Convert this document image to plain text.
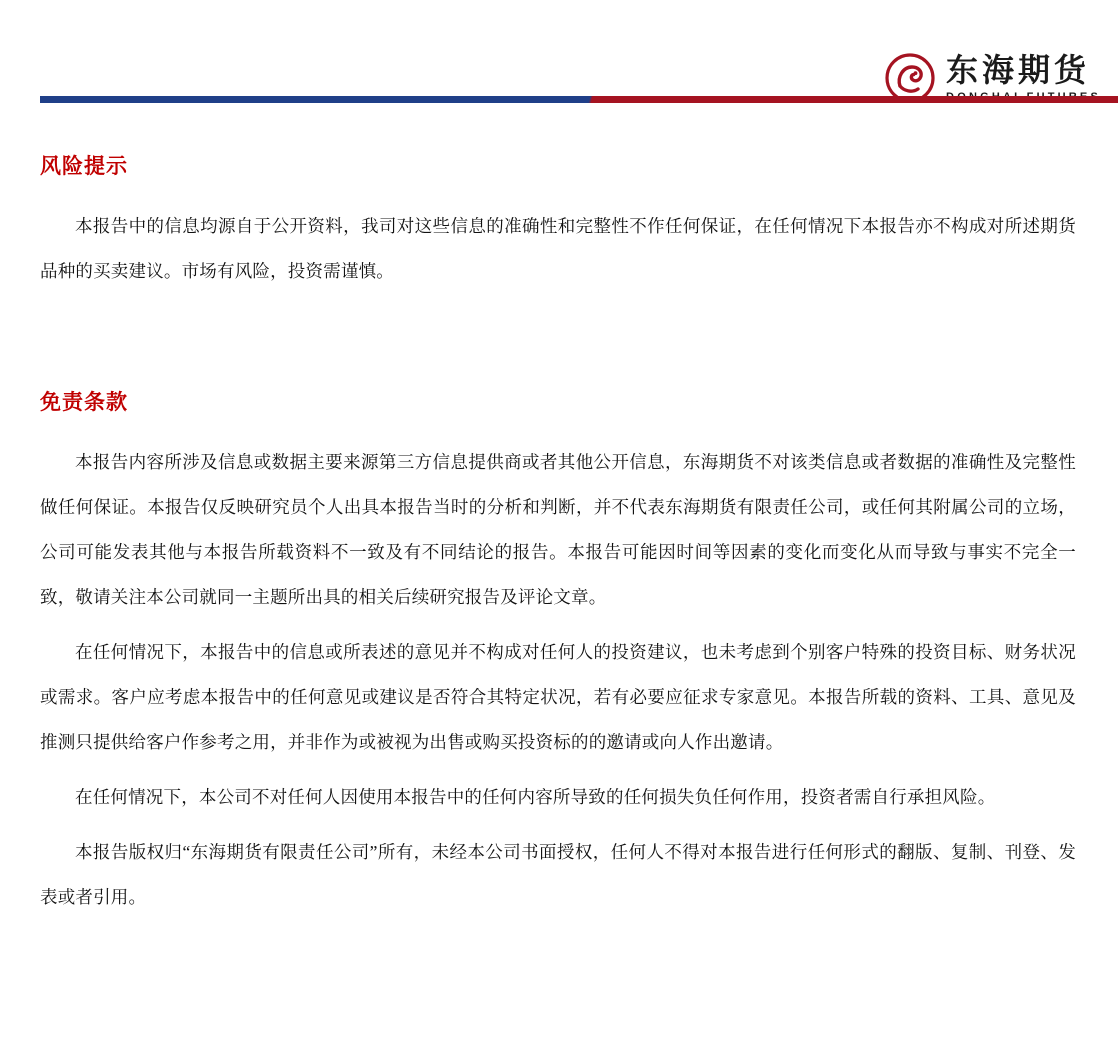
东海期货
风险提示

本报告中的信息均源自于公开资料，我司对这些信息的准确性和完整性不作任何保证，在任何情况下本报告亦不构成对所述期货品种的买卖建议。市场有风险，投资需谨慎。

免责条款

本报告内容所涉及信息或数据主要来源第三方信息提供商或者其他公开信息，东海期货不对该类信息或者数据的准确性及完整性做任何保证。本报告仅反映研究员个人出具本报告当时的分析和判断，并不代表东海期货有限责任公司，或任何其附属公司的立场，公司可能发表其他与本报告所载资料不一致及有不同结论的报告。本报告可能因时间等因素的变化而变化从而导致与事实不完全一致，敬请关注本公司就同一主题所出具的相关后续研究报告及评论文章。

在任何情况下，本报告中的信息或所表述的意见并不构成对任何人的投资建议，也未考虑到个别客户特殊的投资目标、财务状况或需求。客户应考虑本报告中的任何意见或建议是否符合其特定状况，若有必要应征求专家意见。本报告所载的资料、工具、意见及推测只提供给客户作参考之用，并非作为或被视为出售或购买投资标的的邀请或向人作出邀请。

在任何情况下，本公司不对任何人因使用本报告中的任何内容所导致的任何损失负任何作用，投资者需自行承担风险。

本报告版权归“东海期货有限责任公司”所有，未经本公司书面授权，任何人不得对本报告进行任何形式的翻版、复制、刊登、发表或者引用。
